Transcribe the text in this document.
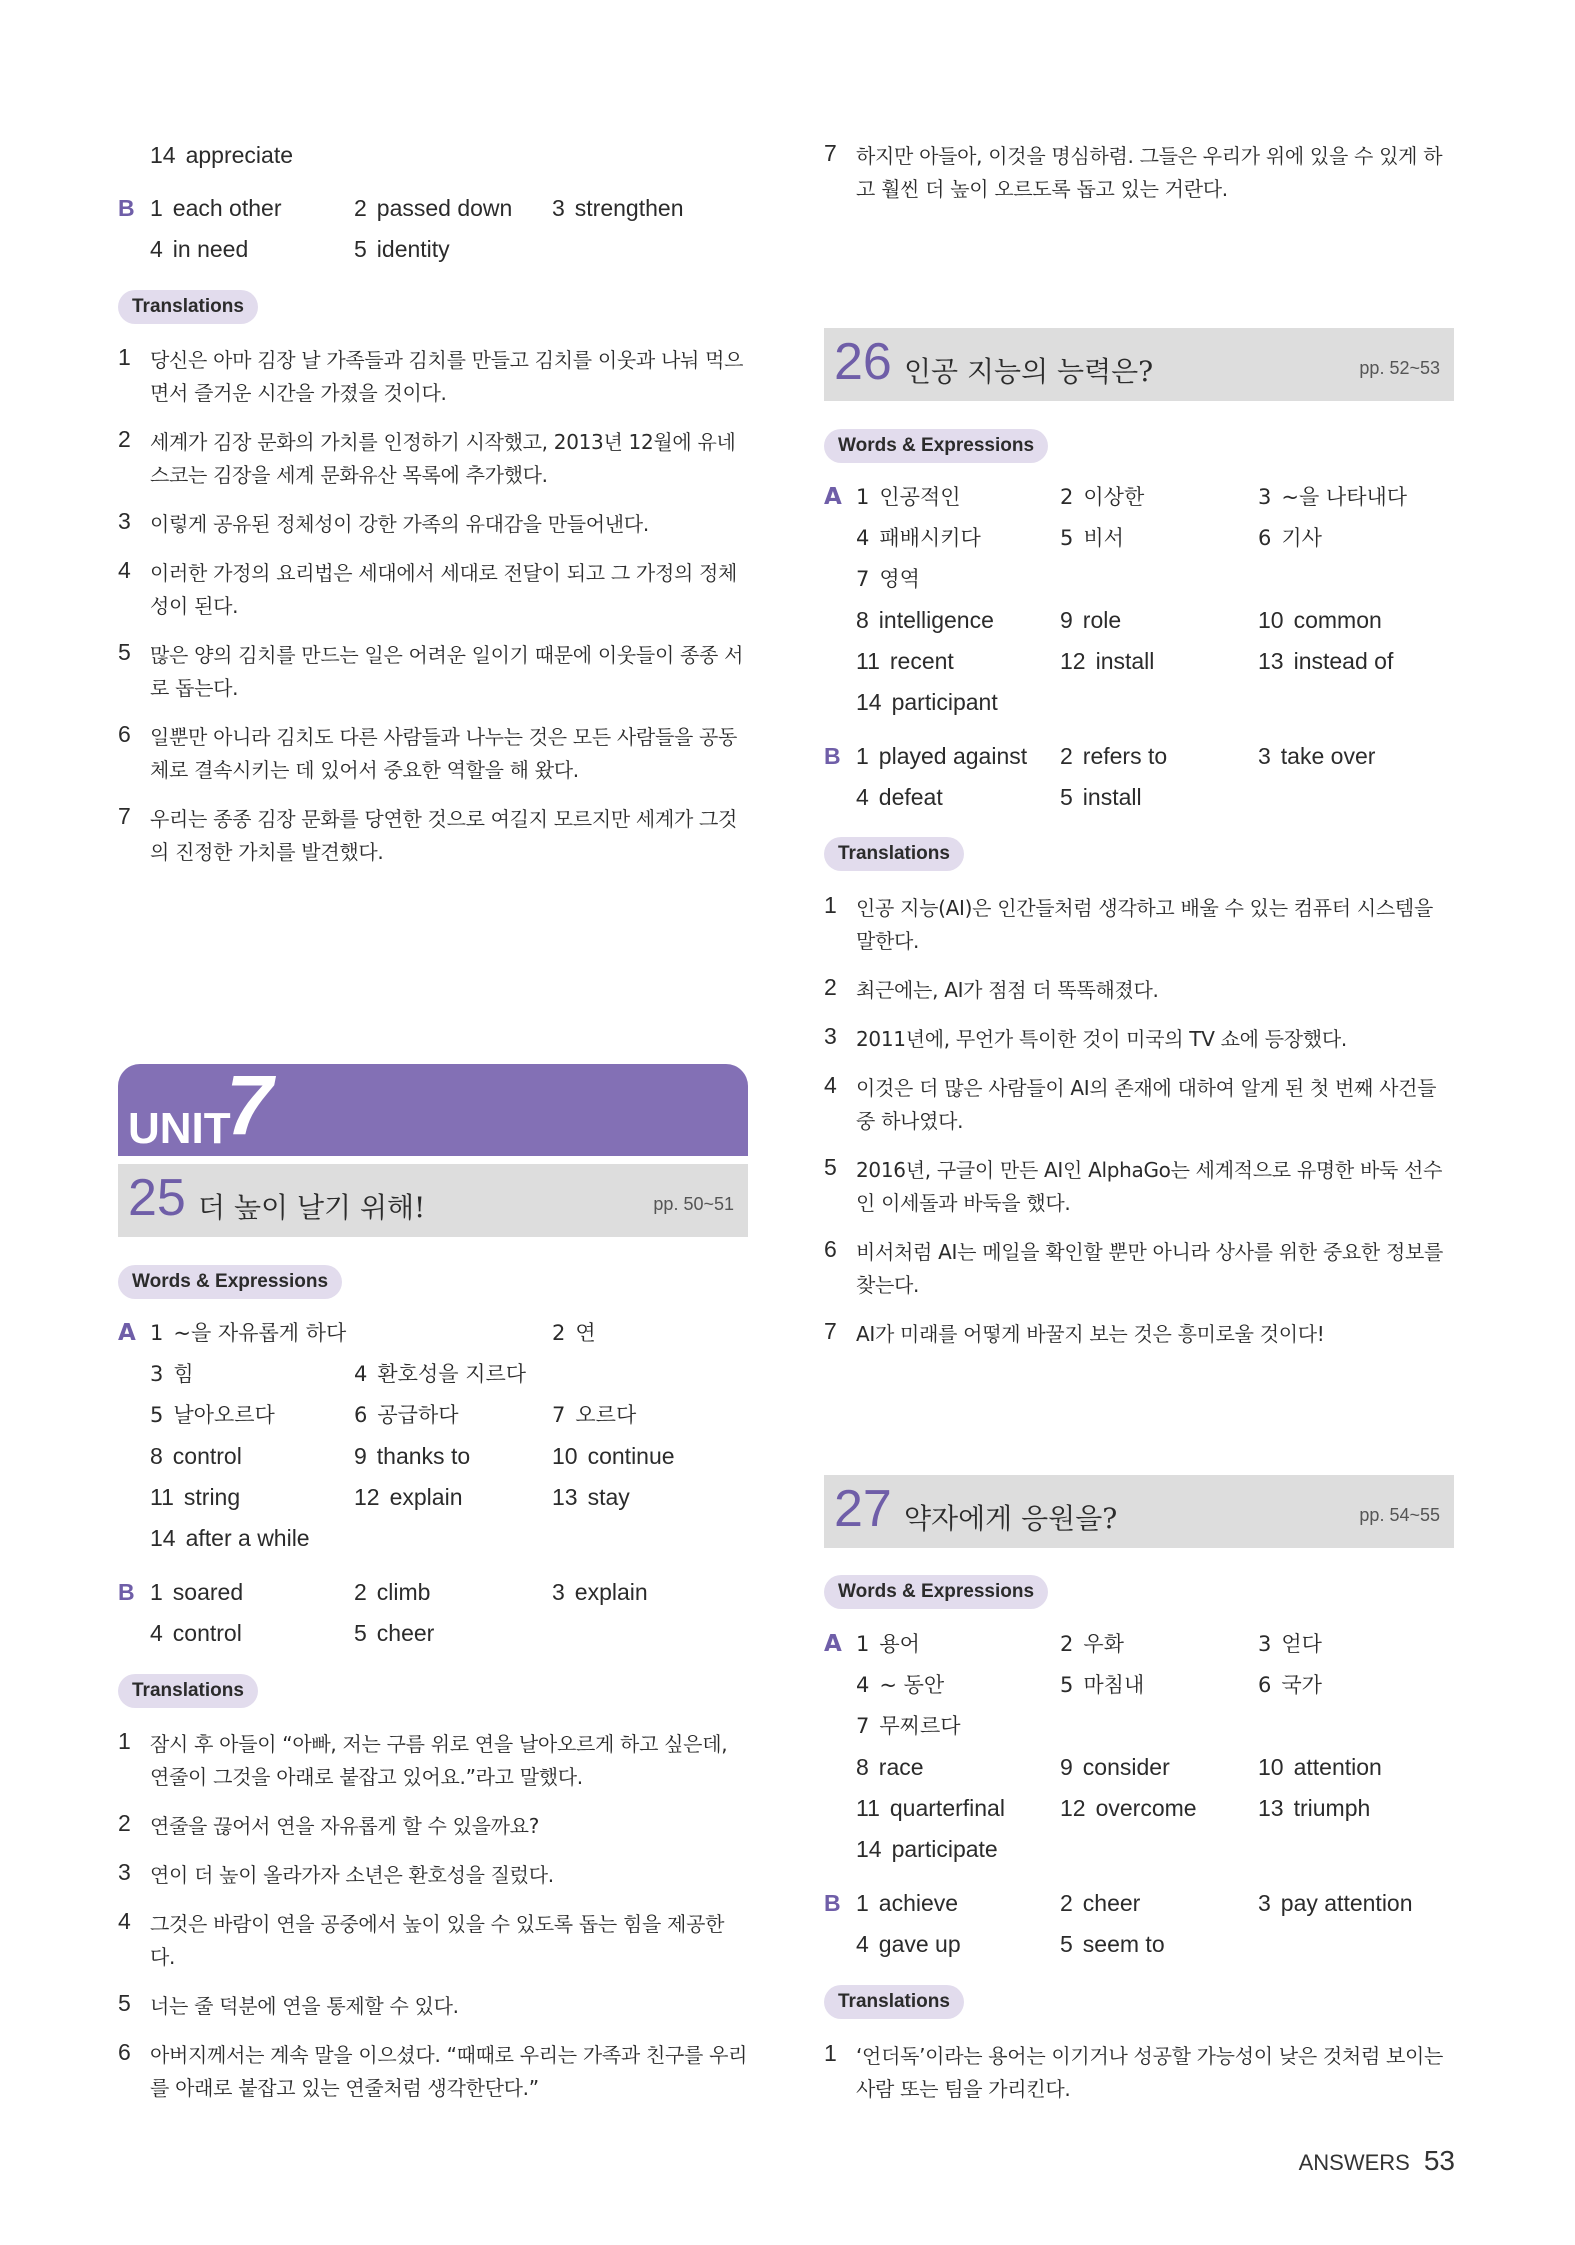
14 appreciate
B 1 each other	2 passed down 3 strengthen
4 in need	5 identity
Translations
1 당신은 아마 김장 날 가족들과 김치를 만들고 김치를 이웃과 나눠 먹으면서 즐거운 시간을 가졌을 것이다.
2 세계가 김장 문화의 가치를 인정하기 시작했고, 2013년 12월에 유네스코는 김장을 세계 문화유산 목록에 추가했다.
3 이렇게 공유된 정체성이 강한 가족의 유대감을 만들어낸다.
4 이러한 가정의 요리법은 세대에서 세대로 전달이 되고 그 가정의 정체성이 된다.
5 많은 양의 김치를 만드는 일은 어려운 일이기 때문에 이웃들이 종종 서로 돕는다.
6 일뿐만 아니라 김치도 다른 사람들과 나누는 것은 모든 사람들을 공동체로 결속시키는 데 있어서 중요한 역할을 해 왔다.
7 우리는 종종 김장 문화를 당연한 것으로 여길지 모르지만 세계가 그것의 진정한 가치를 발견했다.
UNIT
7
25 더 높이 날기 위해!	pp. 50~51
Words & Expressions
A 1 ~을 자유롭게 하다	2 연
3 힘	4 환호성을 지르다
5 날아오르다	6 공급하다	7 오르다
8 control	9 thanks to	10 continue
11 string	12 explain	13 stay
14 after a while
B 1 soared	2 climb	3 explain
4 control	5 cheer
Translations
1 잠시 후 아들이 “아빠, 저는 구름 위로 연을 날아오르게 하고 싶은데, 연줄이 그것을 아래로 붙잡고 있어요.”라고 말했다.
2 연줄을 끊어서 연을 자유롭게 할 수 있을까요?
3 연이 더 높이 올라가자 소년은 환호성을 질렀다.
4 그것은 바람이 연을 공중에서 높이 있을 수 있도록 돕는 힘을 제공한다.
5 너는 줄 덕분에 연을 통제할 수 있다.
6 아버지께서는 계속 말을 이으셨다. “때때로 우리는 가족과 친구를 우리를 아래로 붙잡고 있는 연줄처럼 생각한단다.”
7 하지만 아들아, 이것을 명심하렴. 그들은 우리가 위에 있을 수 있게 하고 훨씬 더 높이 오르도록 돕고 있는 거란다.
26 인공 지능의 능력은?	pp. 52~53
Words & Expressions
A 1 인공적인	2 이상한	3 ~을 나타내다
4 패배시키다	5 비서	6 기사
7 영역
8 intelligence	9 role	10 common
11 recent	12 install	13 instead of
14 participant
B 1 played against 2 refers to	3 take over
4 defeat	5 install
Translations
1 인공 지능(AI)은 인간들처럼 생각하고 배울 수 있는 컴퓨터 시스템을 말한다.
2 최근에는, AI가 점점 더 똑똑해졌다.
3 2011년에, 무언가 특이한 것이 미국의 TV 쇼에 등장했다.
4 이것은 더 많은 사람들이 AI의 존재에 대하여 알게 된 첫 번째 사건들 중 하나였다.
5 2016년, 구글이 만든 AI인 AlphaGo는 세계적으로 유명한 바둑 선수인 이세돌과 바둑을 했다.
6 비서처럼 AI는 메일을 확인할 뿐만 아니라 상사를 위한 중요한 정보를 찾는다.
7 AI가 미래를 어떻게 바꿀지 보는 것은 흥미로울 것이다!
27 약자에게 응원을?	pp. 54~55
Words & Expressions
A 1 용어	2 우화	3 얻다
4 ~ 동안	5 마침내	6 국가
7 무찌르다
8 race	9 consider	10 attention
11 quarterfinal 12 overcome	13 triumph
14 participate
B 1 achieve	2 cheer	3 pay attention
4 gave up	5 seem to
Translations
1 ‘언더독’이라는 용어는 이기거나 성공할 가능성이 낮은 것처럼 보이는 사람 또는 팀을 가리킨다.
ANSWERS 53
